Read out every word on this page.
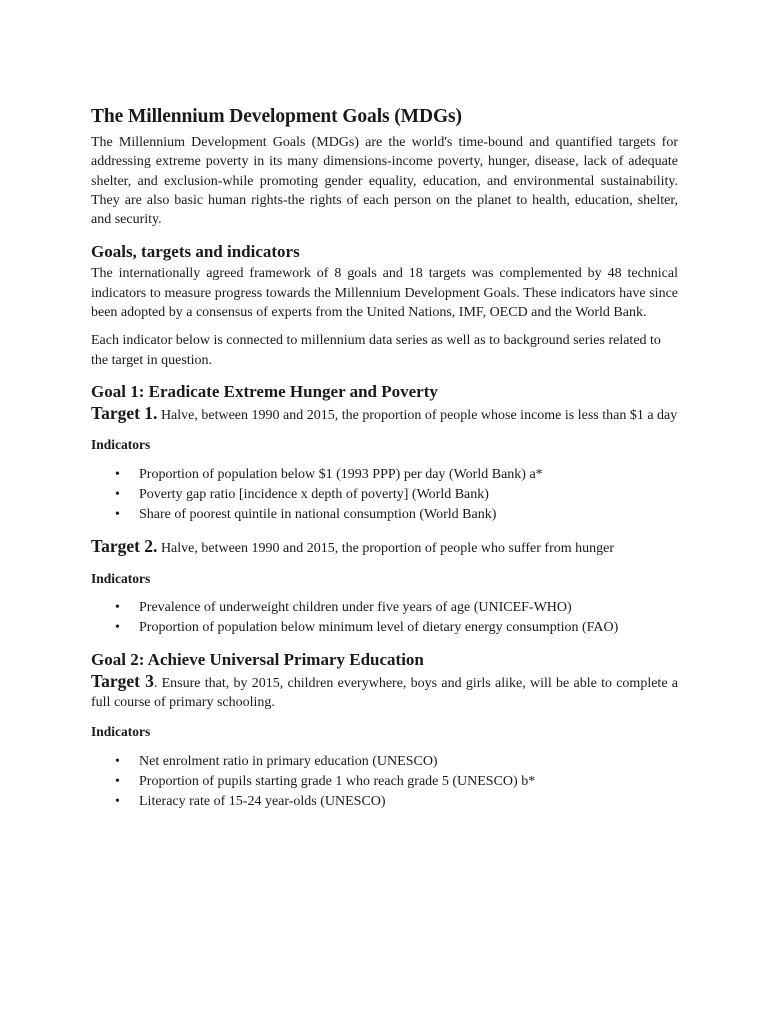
The Millennium Development Goals (MDGs)

The Millennium Development Goals (MDGs) are the world's time-bound and quantified targets for addressing extreme poverty in its many dimensions-income poverty, hunger, disease, lack of adequate shelter, and exclusion-while promoting gender equality, education, and environmental sustainability. They are also basic human rights-the rights of each person on the planet to health, education, shelter, and security.

Goals, targets and indicators

The internationally agreed framework of 8 goals and 18 targets was complemented by 48 technical indicators to measure progress towards the Millennium Development Goals. These indicators have since been adopted by a consensus of experts from the United Nations, IMF, OECD and the World Bank.

Each indicator below is connected to millennium data series as well as to background series related to the target in question.

Goal 1: Eradicate Extreme Hunger and Poverty

Target 1. Halve, between 1990 and 2015, the proportion of people whose income is less than $1 a day

Indicators
• Proportion of population below $1 (1993 PPP) per day (World Bank) a*
• Poverty gap ratio [incidence x depth of poverty] (World Bank)
• Share of poorest quintile in national consumption (World Bank)

Target 2. Halve, between 1990 and 2015, the proportion of people who suffer from hunger

Indicators
• Prevalence of underweight children under five years of age (UNICEF-WHO)
• Proportion of population below minimum level of dietary energy consumption (FAO)
Goal 2: Achieve Universal Primary Education

Target 3. Ensure that, by 2015, children everywhere, boys and girls alike, will be able to complete a full course of primary schooling.

Indicators
• Net enrolment ratio in primary education (UNESCO)
• Proportion of pupils starting grade 1 who reach grade 5 (UNESCO) b*
• Literacy rate of 15-24 year-olds (UNESCO)
